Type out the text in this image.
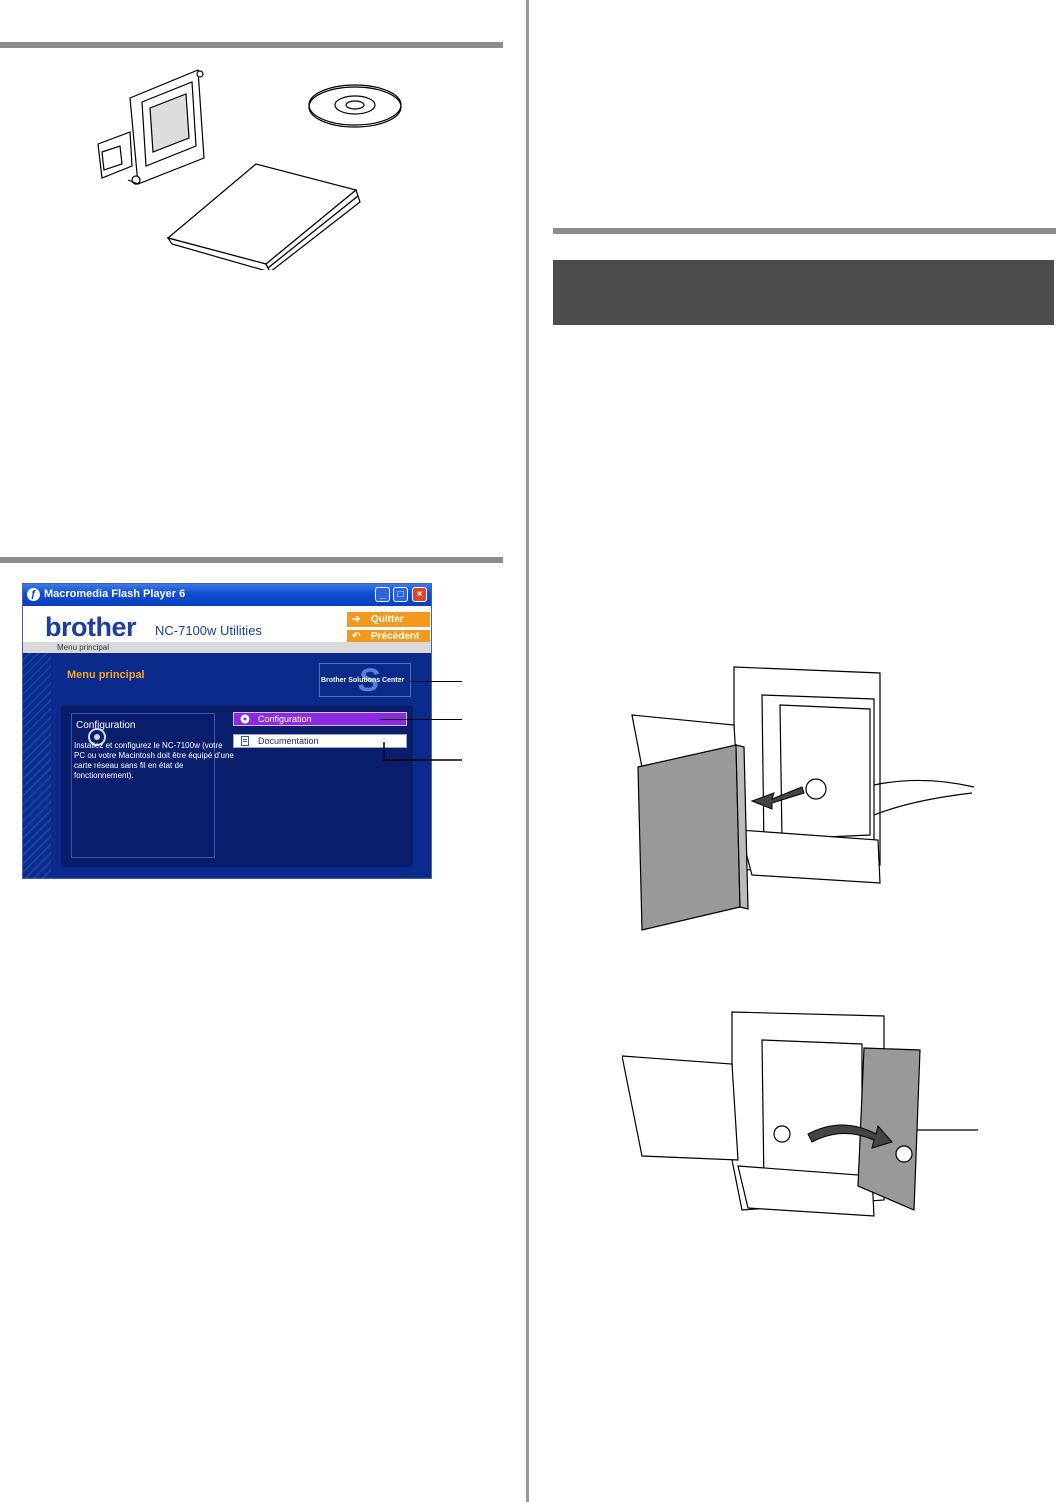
ƒ Macromedia Flash Player 6	_	□	×
brother NC-7100w Utilities
➔ Quitter
↶ Précédent
Menu principal
Menu principal	S
Brother Solutions Center
Configuration
Installez et configurez le NC-7100w (votre PC ou votre Macintosh doit être équipé d'une carte réseau sans fil en état de fonctionnement).
Configuration
Documentation
